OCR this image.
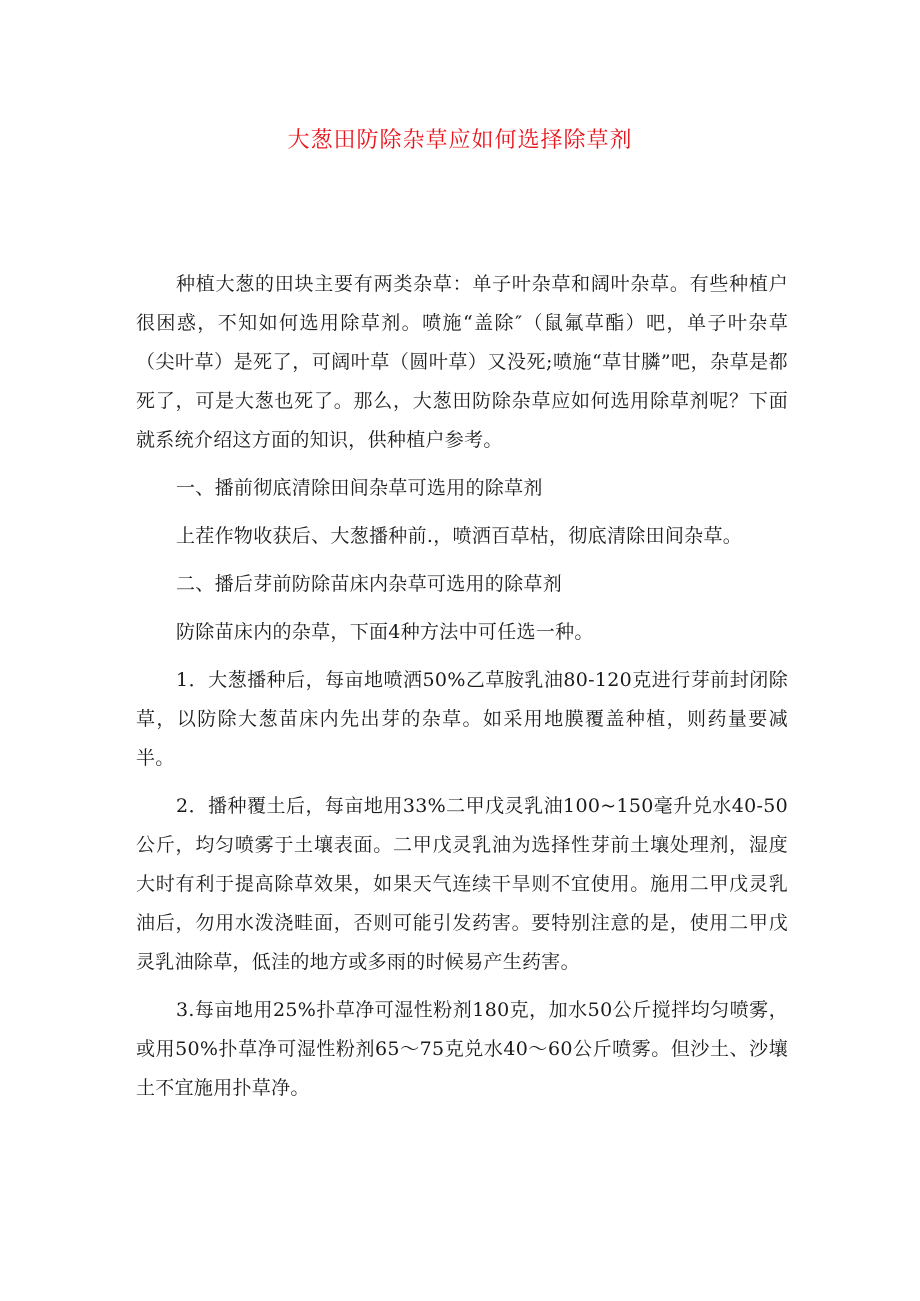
大葱田防除杂草应如何选择除草剂

种植大葱的田块主要有两类杂草：单子叶杂草和阔叶杂草。有些种植户很困惑，不知如何选用除草剂。喷施“盖除″（鼠氟草酯）吧，单子叶杂草（尖叶草）是死了，可阔叶草（圆叶草）又没死;喷施“草甘膦”吧，杂草是都死了，可是大葱也死了。那么，大葱田防除杂草应如何选用除草剂呢？下面就系统介绍这方面的知识，供种植户参考。

一、播前彻底清除田间杂草可选用的除草剂

上茬作物收获后、大葱播种前.，喷洒百草枯，彻底清除田间杂草。

二、播后芽前防除苗床内杂草可选用的除草剂

防除苗床内的杂草，下面4种方法中可任选一种。

1．大葱播种后，每亩地喷洒50%乙草胺乳油80-120克进行芽前封闭除草，以防除大葱苗床内先出芽的杂草。如采用地膜覆盖种植，则药量要减半。

2．播种覆土后，每亩地用33%二甲戊灵乳油100~150毫升兑水40-50公斤，均匀喷雾于土壤表面。二甲戊灵乳油为选择性芽前土壤处理剂，湿度大时有利于提高除草效果，如果天气连续干旱则不宜使用。施用二甲戊灵乳油后，勿用水泼浇畦面，否则可能引发药害。要特别注意的是，使用二甲戊灵乳油除草，低洼的地方或多雨的时候易产生药害。

3.每亩地用25%扑草净可湿性粉剂180克，加水50公斤搅拌均匀喷雾，或用50%扑草净可湿性粉剂65～75克兑水40～60公斤喷雾。但沙土、沙壤土不宜施用扑草净。
